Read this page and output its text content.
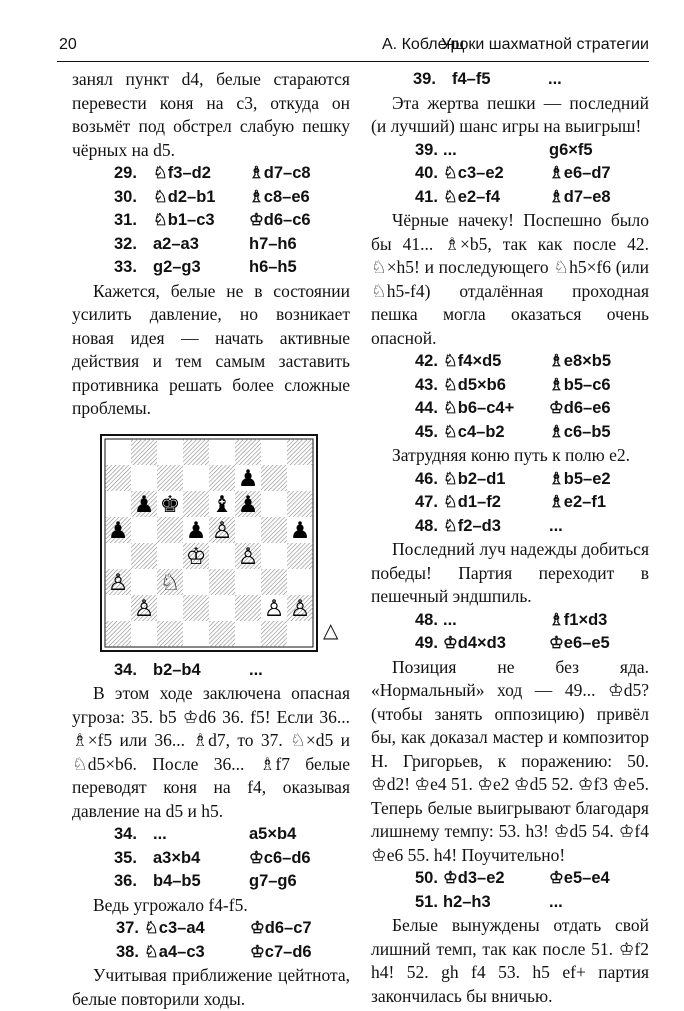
20	А. Кобленц
Уроки шахматной стратегии

занял пункт d4, белые стараются перевести коня на c3, откуда он возьмёт под обстрел слабую пешку чёрных на d5.

29. ♘f3–d2 ♗d7–c8
30. ♘d2–b1 ♗c8–e6
31. ♘b1–c3 ♔d6–c6
32. a2–a3	h7–h6
33. g2–g3	h6–h5

Кажется, белые не в состоянии усилить давление, но возникает новая идея — начать активные действия и тем самым заставить противника решать более сложные проблемы.

♟
♟ ♚
♟
♝ ♟
♟	♟
♙
♔ ♙
♙ ♘
♙	♙ ♙
△
34. b2–b4	...

В этом ходе заключена опасная угроза: 35. b5 ♔d6 36. f5! Если 36... ♗×f5 или 36... ♗d7, то 37. ♘×d5 и ♘d5×b6. После 36... ♗f7 белые переводят коня на f4, оказывая давление на d5 и h5.

34. ...	a5×b4
35. a3×b4	♔c6–d6
36. b4–b5	g7–g6

Ведь угрожало f4-f5.

37. ♘c3–a4	♔d6–c7
38. ♘a4–c3	♔c7–d6

Учитывая приближение цейтнота, белые повторили ходы.

39. f4–f5	...

Эта жертва пешки — последний (и лучший) шанс игры на выигрыш!

39. ...	g6×f5
40. ♘c3–e2	♗e6–d7
41. ♘e2–f4	♗d7–e8

Чёрные начеку! Поспешно было бы 41... ♗×b5, так как после 42. ♘×h5! и последующего ♘h5×f6 (или ♘h5-f4) отдалённая проходная пешка могла оказаться очень опасной.

42. ♘f4×d5	♗e8×b5
43. ♘d5×b6	♗b5–c6
44. ♘b6–c4+ ♔d6–e6
45. ♘c4–b2	♗c6–b5

Затрудняя коню путь к полю e2.

46. ♘b2–d1	♗b5–e2
47. ♘d1–f2	♗e2–f1
48. ♘f2–d3	...

Последний луч надежды добиться победы! Партия переходит в пешечный эндшпиль.

48. ...	♗f1×d3
49. ♔d4×d3	♔e6–e5

Позиция не без яда. «Нормальный» ход — 49... ♔d5? (чтобы занять оппозицию) привёл бы, как доказал мастер и композитор Н. Григорьев, к поражению: 50. ♔d2! ♔e4 51. ♔e2 ♔d5 52. ♔f3 ♔e5. Теперь белые выигрывают благодаря лишнему темпу: 53. h3! ♔d5 54. ♔f4 ♔e6 55. h4! Поучительно!

50. ♔d3–e2	♔e5–e4
51. h2–h3	...

Белые вынуждены отдать свой лишний темп, так как после 51. ♔f2 h4! 52. gh f4 53. h5 ef+ партия закончилась бы вничью.
